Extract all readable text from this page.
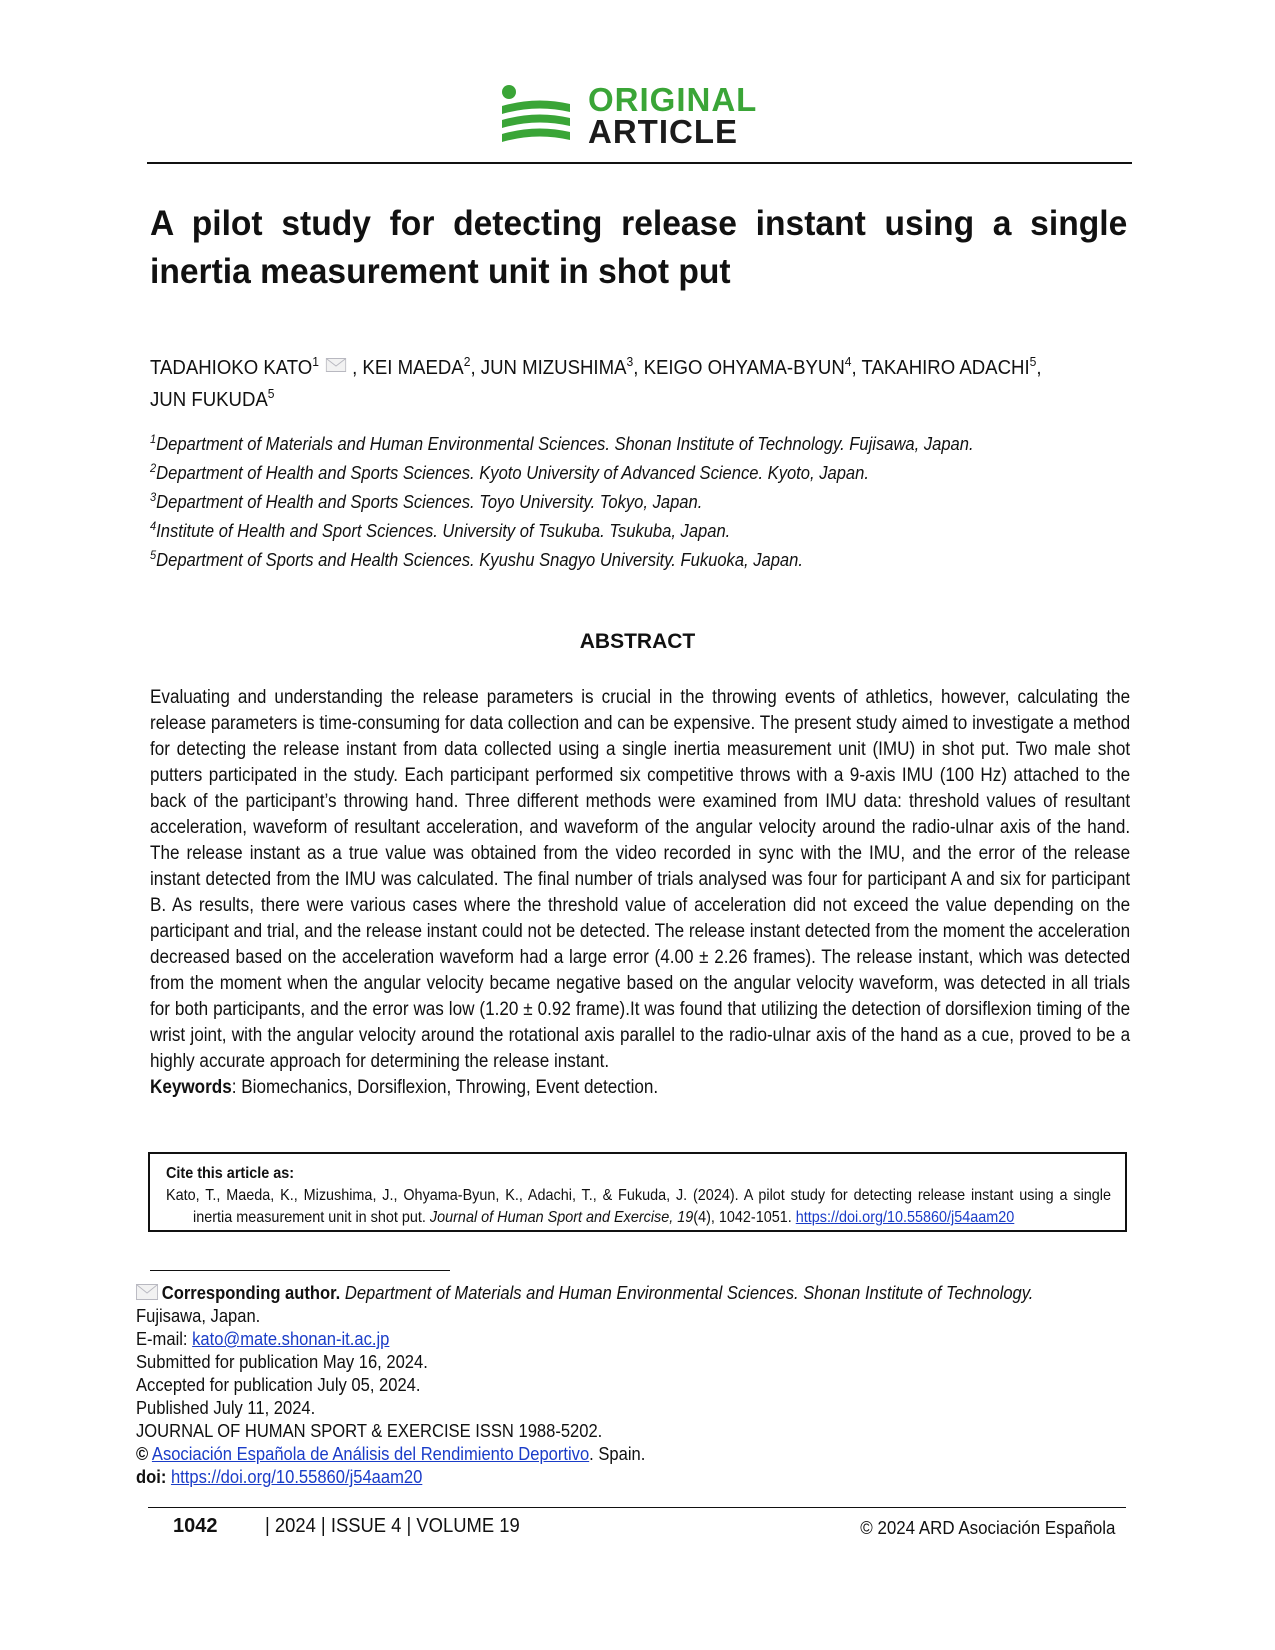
ORIGINAL
ARTICLE
A pilot study for detecting release instant using a single inertia measurement unit in shot put
TADAHIOKO KATO$^1$ , KEI MAEDA$^2$, JUN MIZUSHIMA$^3$, KEIGO OHYAMA-BYUN$^4$, TAKAHIRO ADACHI$^5$,
JUN FUKUDA$^5$
$^1$Department of Materials and Human Environmental Sciences. Shonan Institute of Technology. Fujisawa, Japan.
$^2$Department of Health and Sports Sciences. Kyoto University of Advanced Science. Kyoto, Japan.
$^3$Department of Health and Sports Sciences. Toyo University. Tokyo, Japan.
$^4$Institute of Health and Sport Sciences. University of Tsukuba. Tsukuba, Japan.
$^5$Department of Sports and Health Sciences. Kyushu Snagyo University. Fukuoka, Japan.
ABSTRACT

Evaluating and understanding the release parameters is crucial in the throwing events of athletics, however, calculating the release parameters is time-consuming for data collection and can be expensive. The present study aimed to investigate a method for detecting the release instant from data collected using a single inertia measurement unit (IMU) in shot put. Two male shot putters participated in the study. Each participant performed six competitive throws with a 9-axis IMU (100 Hz) attached to the back of the participant’s throwing hand. Three different methods were examined from IMU data: threshold values of resultant acceleration, waveform of resultant acceleration, and waveform of the angular velocity around the radio-ulnar axis of the hand. The release instant as a true value was obtained from the video recorded in sync with the IMU, and the error of the release instant detected from the IMU was calculated. The final number of trials analysed was four for participant A and six for participant B. As results, there were various cases where the threshold value of acceleration did not exceed the value depending on the participant and trial, and the release instant could not be detected. The release instant detected from the moment the acceleration decreased based on the acceleration waveform had a large error (4.00 ± 2.26 frames). The release instant, which was detected from the moment when the angular velocity became negative based on the angular velocity waveform, was detected in all trials for both participants, and the error was low (1.20 ± 0.92 frame).It was found that utilizing the detection of dorsiflexion timing of the wrist joint, with the angular velocity around the rotational axis parallel to the radio-ulnar axis of the hand as a cue, proved to be a highly accurate approach for determining the release instant.
Keywords: Biomechanics, Dorsiflexion, Throwing, Event detection.

Cite this article as:
Kato, T., Maeda, K., Mizushima, J., Ohyama-Byun, K., Adachi, T., & Fukuda, J. (2024). A pilot study for detecting release instant using a single inertia measurement unit in shot put. Journal of Human Sport and Exercise, 19(4), 1042-1051. https://doi.org/10.55860/j54aam20
Corresponding author. Department of Materials and Human Environmental Sciences. Shonan Institute of Technology.
Fujisawa, Japan.
E-mail: kato@mate.shonan-it.ac.jp
Submitted for publication May 16, 2024.
Accepted for publication July 05, 2024.
Published July 11, 2024.
JOURNAL OF HUMAN SPORT & EXERCISE ISSN 1988-5202.
© Asociación Española de Análisis del Rendimiento Deportivo. Spain.
doi: https://doi.org/10.55860/j54aam20
1042 | 2024 | ISSUE 4 | VOLUME 19	© 2024 ARD Asociación Española
